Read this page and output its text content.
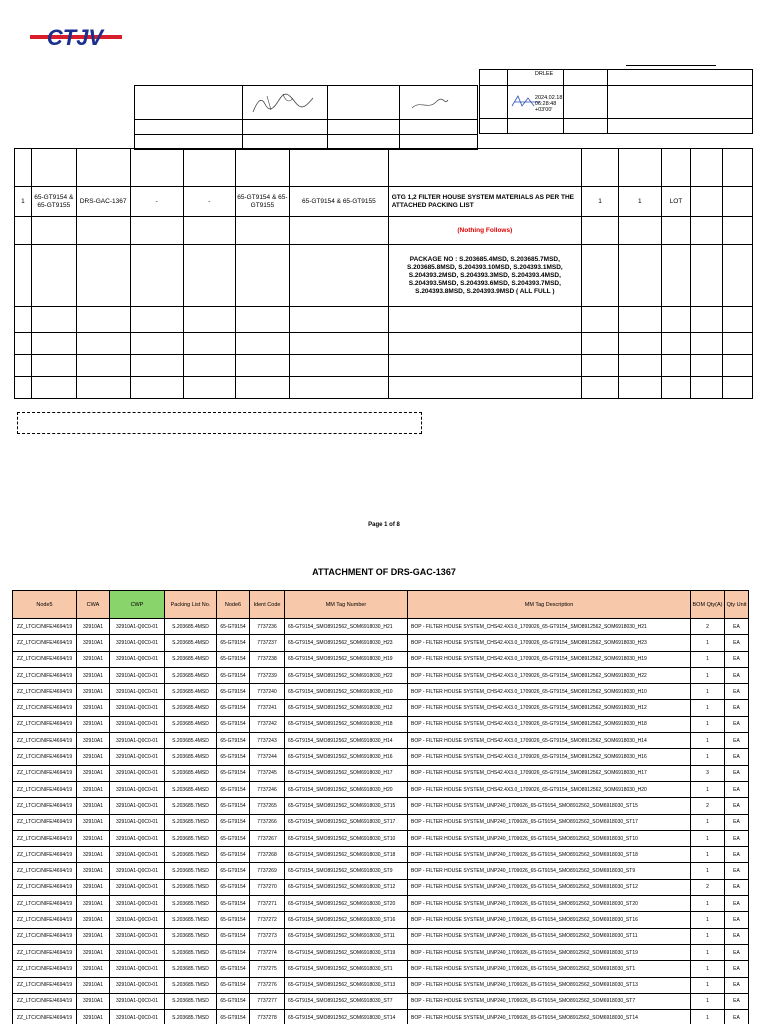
CTJV

	DRLEE
2024.02.18
06:28:48
+03'00'		

1	65-GT9154 & 65-GT9155	DRS-GAC-1367	-	-	65-GT9154 & 65-GT9155	65-GT9154 & 65-GT9155	GTG 1,2 FILTER HOUSE SYSTEM MATERIALS AS PER THE ATTACHED PACKING LIST	1	1	LOT		
							(Nothing Follows)					
							PACKAGE NO : S.203685.4MSD, S.203685.7MSD, S.203685.8MSD, S.204393.10MSD, S.204393.1MSD, S.204393.2MSD, S.204393.3MSD, S.204393.4MSD, S.204393.5MSD, S.204393.6MSD, S.204393.7MSD, S.204393.8MSD, S.204393.9MSD ( ALL FULL )					

Page 1 of 8
ATTACHMENT OF DRS-GAC-1367
Node5	CWA	CWP	Packing List No.	Node6	Ident Code	MM Tag Number	MM Tag Description	BOM Qty(A)	Qty Unit
ZZ_LTC/C/NIFE/4694/19	32910A1	32910A1-Q0C0-01	S.203685.4MSD	65-GT9154	7737236	65-GT9154_SMO8912562_SOM6918030_H21	BOP - FILTER HOUSE SYSTEM_CHS42.4X3.0_1709026_65-GT9154_SMO8912562_SOM6918030_H21	2	EA
ZZ_LTC/C/NIFE/4694/19	32910A1	32910A1-Q0C0-01	S.203685.4MSD	65-GT9154	7737237	65-GT9154_SMO8912562_SOM6918030_H23	BOP - FILTER HOUSE SYSTEM_CHS42.4X3.0_1709026_65-GT9154_SMO8912562_SOM6918030_H23	1	EA
ZZ_LTC/C/NIFE/4694/19	32910A1	32910A1-Q0C0-01	S.203685.4MSD	65-GT9154	7737238	65-GT9154_SMO8912562_SOM6918030_H19	BOP - FILTER HOUSE SYSTEM_CHS42.4X3.0_1709026_65-GT9154_SMO8912562_SOM6918030_H19	1	EA
ZZ_LTC/C/NIFE/4694/19	32910A1	32910A1-Q0C0-01	S.203685.4MSD	65-GT9154	7737239	65-GT9154_SMO8912562_SOM6918030_H22	BOP - FILTER HOUSE SYSTEM_CHS42.4X3.0_1709026_65-GT9154_SMO8912562_SOM6918030_H22	1	EA
ZZ_LTC/C/NIFE/4694/19	32910A1	32910A1-Q0C0-01	S.203685.4MSD	65-GT9154	7737240	65-GT9154_SMO8912562_SOM6918030_H10	BOP - FILTER HOUSE SYSTEM_CHS42.4X3.0_1709026_65-GT9154_SMO8912562_SOM6918030_H10	1	EA
ZZ_LTC/C/NIFE/4694/19	32910A1	32910A1-Q0C0-01	S.203685.4MSD	65-GT9154	7737241	65-GT9154_SMO8912562_SOM6918030_H12	BOP - FILTER HOUSE SYSTEM_CHS42.4X3.0_1709026_65-GT9154_SMO8912562_SOM6918030_H12	1	EA
ZZ_LTC/C/NIFE/4694/19	32910A1	32910A1-Q0C0-01	S.203685.4MSD	65-GT9154	7737242	65-GT9154_SMO8912562_SOM6918030_H18	BOP - FILTER HOUSE SYSTEM_CHS42.4X3.0_1709026_65-GT9154_SMO8912562_SOM6918030_H18	1	EA
ZZ_LTC/C/NIFE/4694/19	32910A1	32910A1-Q0C0-01	S.203685.4MSD	65-GT9154	7737243	65-GT9154_SMO8912562_SOM6918030_H14	BOP - FILTER HOUSE SYSTEM_CHS42.4X3.0_1709026_65-GT9154_SMO8912562_SOM6918030_H14	1	EA
ZZ_LTC/C/NIFE/4694/19	32910A1	32910A1-Q0C0-01	S.203685.4MSD	65-GT9154	7737244	65-GT9154_SMO8912562_SOM6918030_H16	BOP - FILTER HOUSE SYSTEM_CHS42.4X3.0_1709026_65-GT9154_SMO8912562_SOM6918030_H16	1	EA
ZZ_LTC/C/NIFE/4694/19	32910A1	32910A1-Q0C0-01	S.203685.4MSD	65-GT9154	7737245	65-GT9154_SMO8912562_SOM6918030_H17	BOP - FILTER HOUSE SYSTEM_CHS42.4X3.0_1709026_65-GT9154_SMO8912562_SOM6918030_H17	3	EA
ZZ_LTC/C/NIFE/4694/19	32910A1	32910A1-Q0C0-01	S.203685.4MSD	65-GT9154	7737246	65-GT9154_SMO8912562_SOM6918030_H20	BOP - FILTER HOUSE SYSTEM_CHS42.4X3.0_1709026_65-GT9154_SMO8912562_SOM6918030_H20	1	EA
ZZ_LTC/C/NIFE/4694/19	32910A1	32910A1-Q0C0-01	S.203685.7MSD	65-GT9154	7737265	65-GT9154_SMO8912562_SOM6918030_ST15	BOP - FILTER HOUSE SYSTEM_UNP240_1709026_65-GT9154_SMO8912562_SOM6918030_ST15	2	EA
ZZ_LTC/C/NIFE/4694/19	32910A1	32910A1-Q0C0-01	S.203685.7MSD	65-GT9154	7737266	65-GT9154_SMO8912562_SOM6918030_ST17	BOP - FILTER HOUSE SYSTEM_UNP240_1709026_65-GT9154_SMO8912562_SOM6918030_ST17	1	EA
ZZ_LTC/C/NIFE/4694/19	32910A1	32910A1-Q0C0-01	S.203685.7MSD	65-GT9154	7737267	65-GT9154_SMO8912562_SOM6918030_ST10	BOP - FILTER HOUSE SYSTEM_UNP240_1709026_65-GT9154_SMO8912562_SOM6918030_ST10	1	EA
ZZ_LTC/C/NIFE/4694/19	32910A1	32910A1-Q0C0-01	S.203685.7MSD	65-GT9154	7737268	65-GT9154_SMO8912562_SOM6918030_ST18	BOP - FILTER HOUSE SYSTEM_UNP240_1709026_65-GT9154_SMO8912562_SOM6918030_ST18	1	EA
ZZ_LTC/C/NIFE/4694/19	32910A1	32910A1-Q0C0-01	S.203685.7MSD	65-GT9154	7737269	65-GT9154_SMO8912562_SOM6918030_ST9	BOP - FILTER HOUSE SYSTEM_UNP240_1709026_65-GT9154_SMO8912562_SOM6918030_ST9	1	EA
ZZ_LTC/C/NIFE/4694/19	32910A1	32910A1-Q0C0-01	S.203685.7MSD	65-GT9154	7737270	65-GT9154_SMO8912562_SOM6918030_ST12	BOP - FILTER HOUSE SYSTEM_UNP240_1709026_65-GT9154_SMO8912562_SOM6918030_ST12	2	EA
ZZ_LTC/C/NIFE/4694/19	32910A1	32910A1-Q0C0-01	S.203685.7MSD	65-GT9154	7737271	65-GT9154_SMO8912562_SOM6918030_ST20	BOP - FILTER HOUSE SYSTEM_UNP240_1709026_65-GT9154_SMO8912562_SOM6918030_ST20	1	EA
ZZ_LTC/C/NIFE/4694/19	32910A1	32910A1-Q0C0-01	S.203685.7MSD	65-GT9154	7737272	65-GT9154_SMO8912562_SOM6918030_ST16	BOP - FILTER HOUSE SYSTEM_UNP240_1709026_65-GT9154_SMO8912562_SOM6918030_ST16	1	EA
ZZ_LTC/C/NIFE/4694/19	32910A1	32910A1-Q0C0-01	S.203685.7MSD	65-GT9154	7737273	65-GT9154_SMO8912562_SOM6918030_ST11	BOP - FILTER HOUSE SYSTEM_UNP240_1709026_65-GT9154_SMO8912562_SOM6918030_ST11	1	EA
ZZ_LTC/C/NIFE/4694/19	32910A1	32910A1-Q0C0-01	S.203685.7MSD	65-GT9154	7737274	65-GT9154_SMO8912562_SOM6918030_ST19	BOP - FILTER HOUSE SYSTEM_UNP240_1709026_65-GT9154_SMO8912562_SOM6918030_ST19	1	EA
ZZ_LTC/C/NIFE/4694/19	32910A1	32910A1-Q0C0-01	S.203685.7MSD	65-GT9154	7737275	65-GT9154_SMO8912562_SOM6918030_ST1	BOP - FILTER HOUSE SYSTEM_UNP240_1709026_65-GT9154_SMO8912562_SOM6918030_ST1	1	EA
ZZ_LTC/C/NIFE/4694/19	32910A1	32910A1-Q0C0-01	S.203685.7MSD	65-GT9154	7737276	65-GT9154_SMO8912562_SOM6918030_ST13	BOP - FILTER HOUSE SYSTEM_UNP240_1709026_65-GT9154_SMO8912562_SOM6918030_ST13	1	EA
ZZ_LTC/C/NIFE/4694/19	32910A1	32910A1-Q0C0-01	S.203685.7MSD	65-GT9154	7737277	65-GT9154_SMO8912562_SOM6918030_ST7	BOP - FILTER HOUSE SYSTEM_UNP240_1709026_65-GT9154_SMO8912562_SOM6918030_ST7	1	EA
ZZ_LTC/C/NIFE/4694/19	32910A1	32910A1-Q0C0-01	S.203685.7MSD	65-GT9154	7737278	65-GT9154_SMO8912562_SOM6918030_ST14	BOP - FILTER HOUSE SYSTEM_UNP240_1709026_65-GT9154_SMO8912562_SOM6918030_ST14	1	EA
